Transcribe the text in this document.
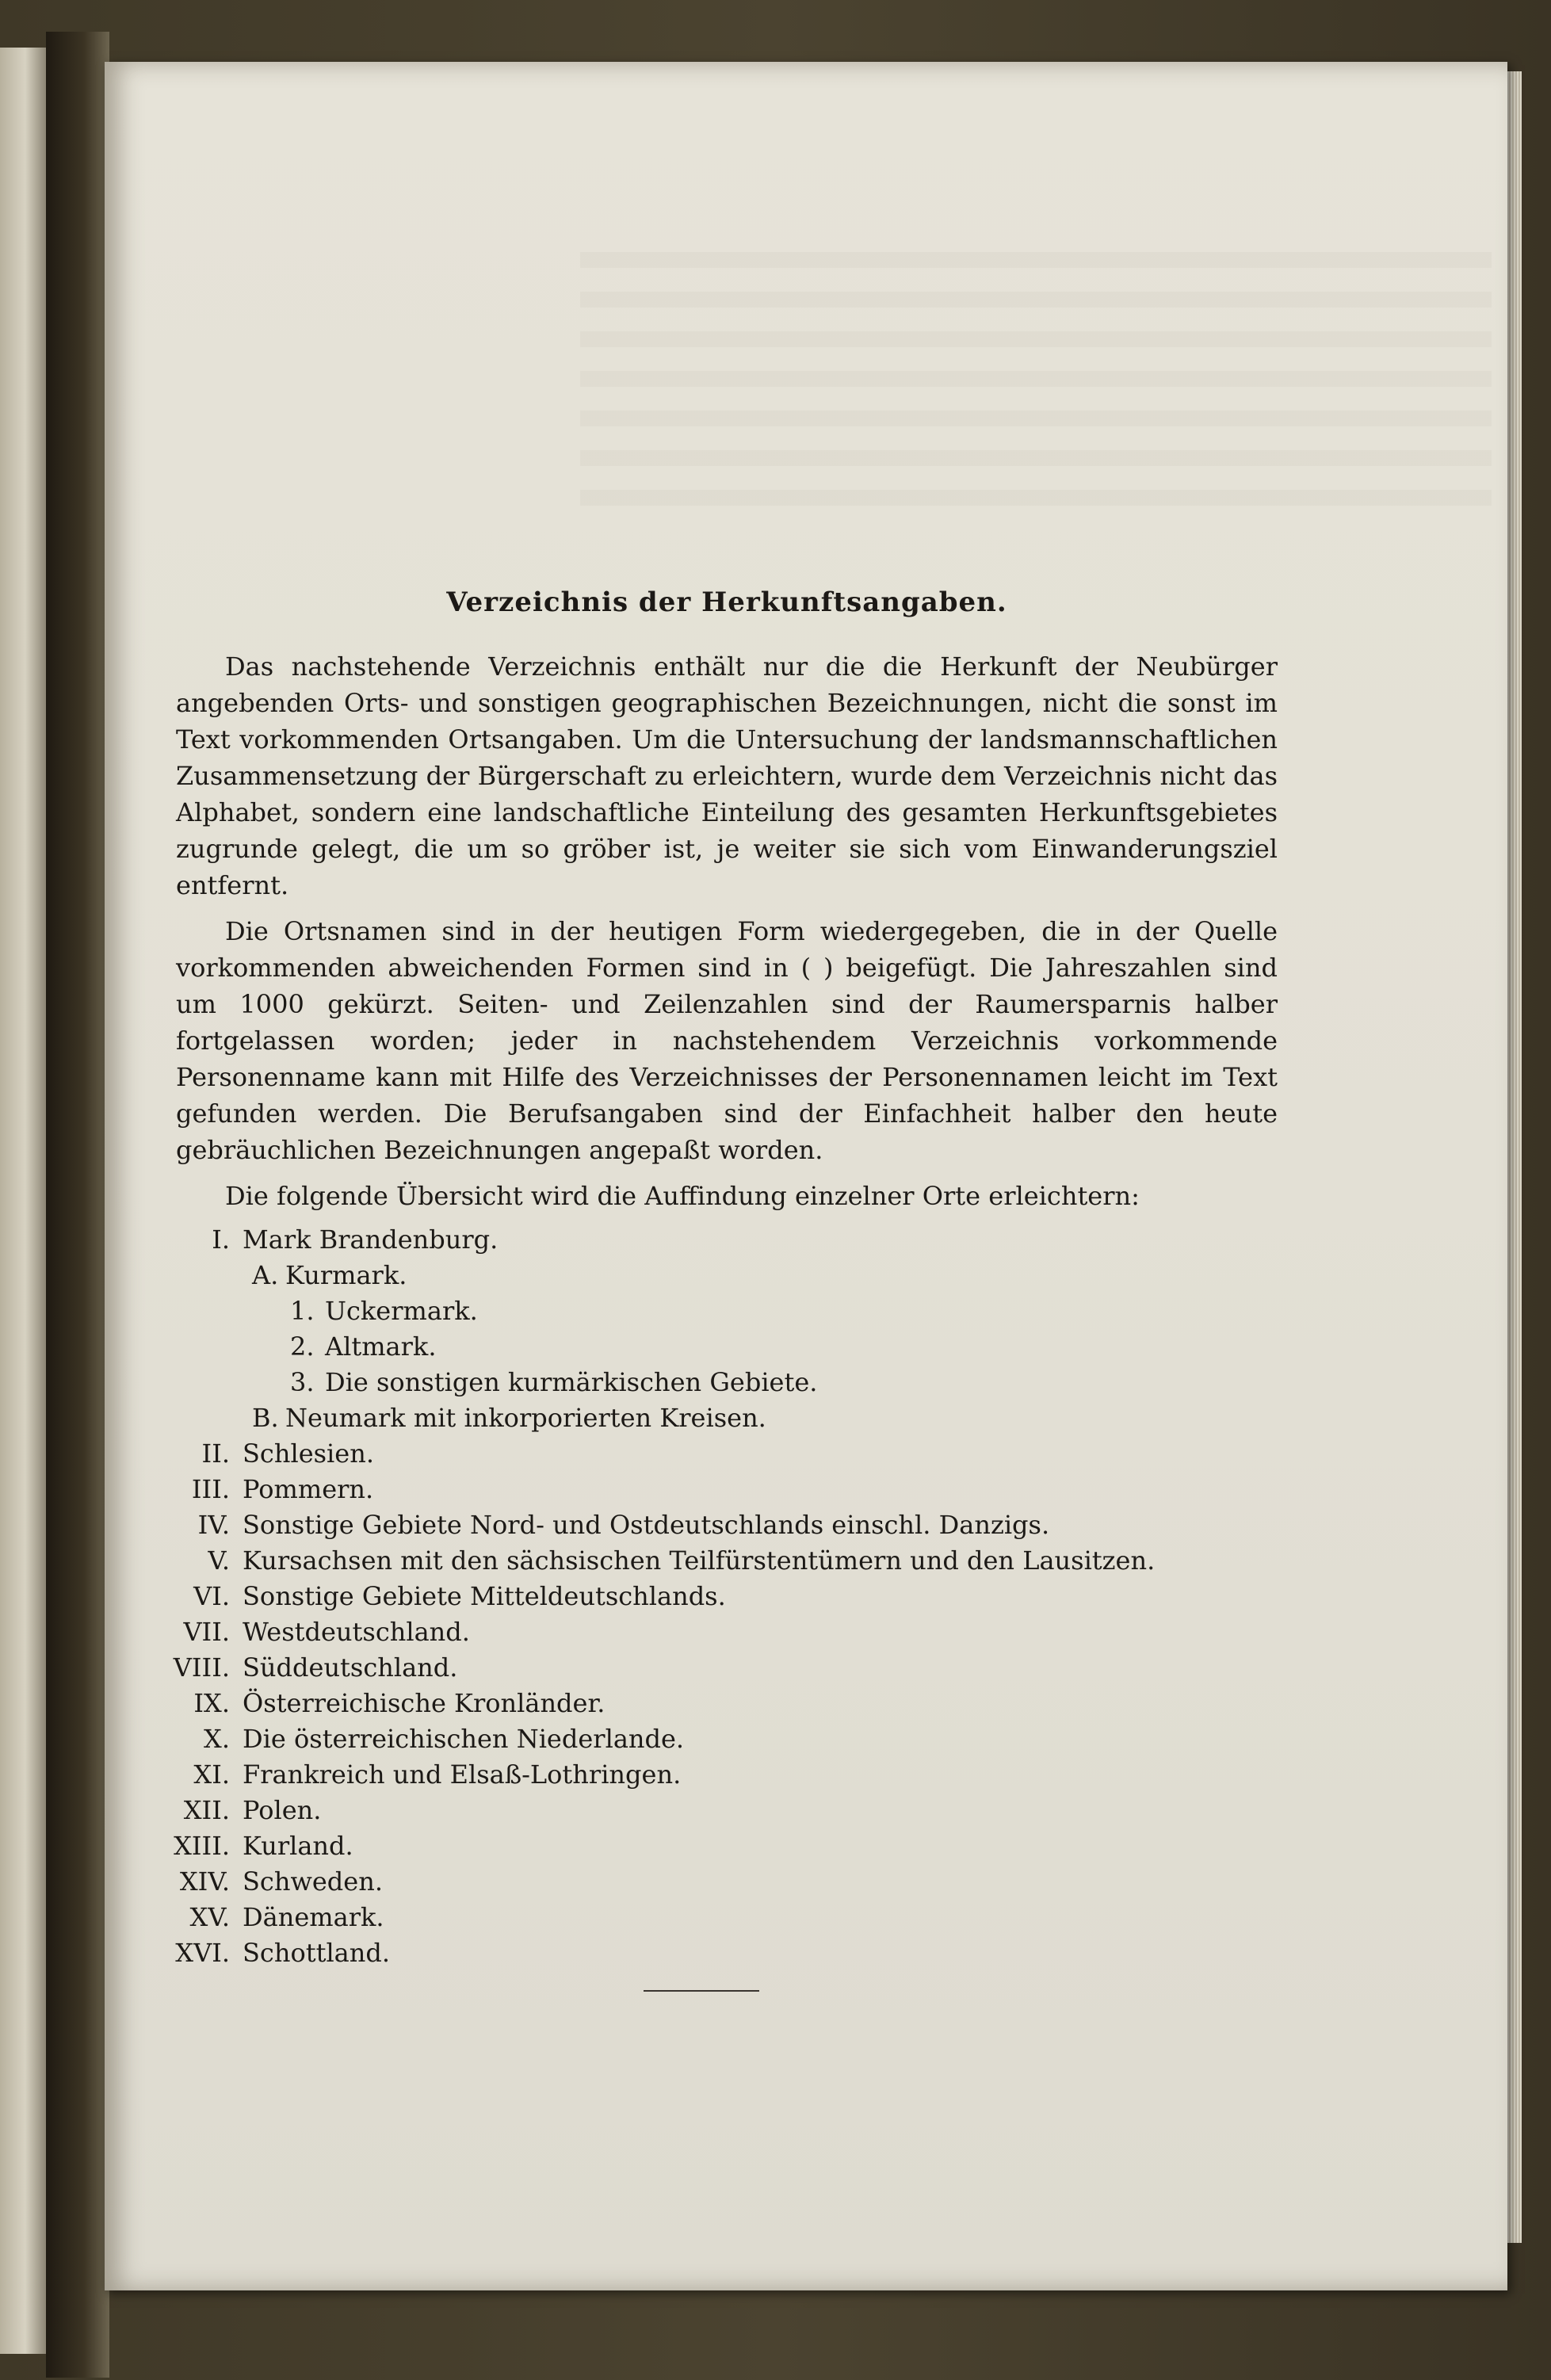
Verzeichnis der Herkunftsangaben.

Das nachstehende Verzeichnis enthält nur die die Herkunft der Neubürger angebenden Orts- und sonstigen geographischen Bezeichnungen, nicht die sonst im Text vorkommenden Ortsangaben. Um die Untersuchung der landsmannschaftlichen Zusammensetzung der Bürgerschaft zu erleichtern, wurde dem Verzeichnis nicht das Alphabet, sondern eine landschaftliche Einteilung des gesamten Herkunftsgebietes zugrunde gelegt, die um so gröber ist, je weiter sie sich vom Einwanderungsziel entfernt.

Die Ortsnamen sind in der heutigen Form wiedergegeben, die in der Quelle vorkommenden abweichenden Formen sind in ( ) beigefügt. Die Jahreszahlen sind um 1000 gekürzt. Seiten- und Zeilenzahlen sind der Raumersparnis halber fortgelassen worden; jeder in nachstehendem Verzeichnis vorkommende Personenname kann mit Hilfe des Verzeichnisses der Personennamen leicht im Text gefunden werden. Die Berufsangaben sind der Einfachheit halber den heute gebräuchlichen Bezeichnungen angepaßt worden.

Die folgende Übersicht wird die Auffindung einzelner Orte erleichtern:

I. Mark Brandenburg.
A. Kurmark.
1. Uckermark.
2. Altmark.
3. Die sonstigen kurmärkischen Gebiete.
B. Neumark mit inkorporierten Kreisen.
II. Schlesien.
III. Pommern.
IV. Sonstige Gebiete Nord- und Ostdeutschlands einschl. Danzigs.
V. Kursachsen mit den sächsischen Teilfürstentümern und den Lausitzen.
VI. Sonstige Gebiete Mitteldeutschlands.
VII. Westdeutschland.
VIII. Süddeutschland.
IX. Österreichische Kronländer.
X. Die österreichischen Niederlande.
XI. Frankreich und Elsaß-Lothringen.
XII. Polen.
XIII. Kurland.
XIV. Schweden.
XV. Dänemark.
XVI. Schottland.
